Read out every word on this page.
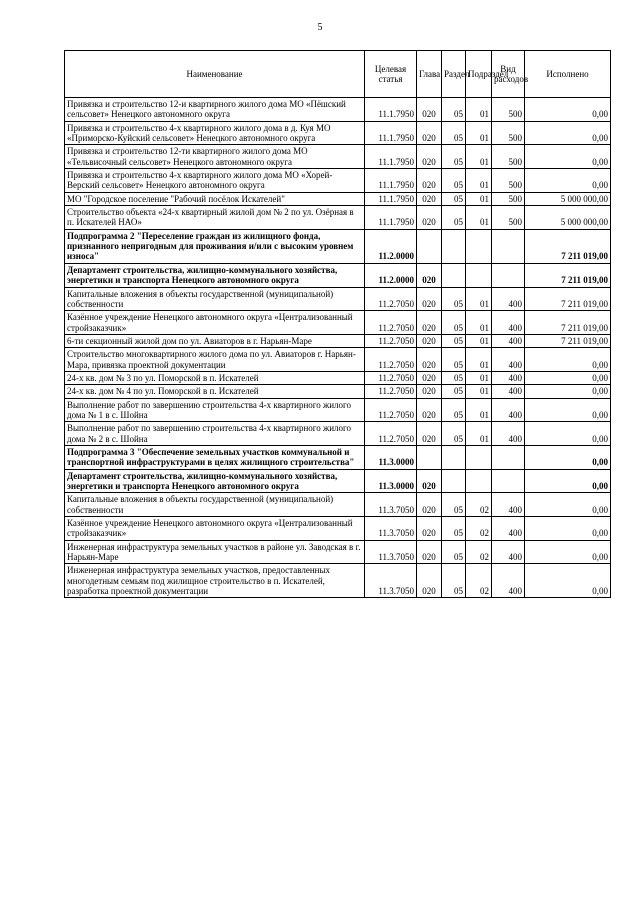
5
Наименование	Целевая статья	Глава	Раздел	Подраздел	Вид расходов	Исполнено
Привязка и строительство 12-и квартирного жилого дома МО «Пёшский сельсовет» Ненецкого автономного округа	11.1.7950	020	05	01	500	0,00
Привязка и строительство 4-х квартирного жилого дома в д. Куя МО «Приморско-Куйский сельсовет» Ненецкого автономного округа	11.1.7950	020	05	01	500	0,00
Привязка и строительство 12-ти квартирного жилого дома МО «Тельвисочный сельсовет» Ненецкого автономного округа	11.1.7950	020	05	01	500	0,00
Привязка и строительство 4-х квартирного жилого дома МО «Хорей-Верский сельсовет» Ненецкого автономного округа	11.1.7950	020	05	01	500	0,00
МО "Городское поселение "Рабочий посёлок Искателей"	11.1.7950	020	05	01	500	5 000 000,00
Строительство объекта «24-х квартирный жилой дом № 2 по ул. Озёрная в п. Искателей НАО»	11.1.7950	020	05	01	500	5 000 000,00
Подпрограмма 2 "Переселение граждан из жилищного фонда, признанного непригодным для проживания и/или с высоким уровнем износа"	11.2.0000					7 211 019,00
Департамент строительства, жилищно-коммунального хозяйства, энергетики и транспорта Ненецкого автономного округа	11.2.0000	020				7 211 019,00
Капитальные вложения в объекты государственной (муниципальной) собственности	11.2.7050	020	05	01	400	7 211 019,00
Казённое учреждение Ненецкого автономного округа «Централизованный стройзаказчик»	11.2.7050	020	05	01	400	7 211 019,00
6-ти секционный жилой дом по ул. Авиаторов в г. Нарьян-Маре	11.2.7050	020	05	01	400	7 211 019,00
Строительство многоквартирного жилого дома по ул. Авиаторов г. Нарьян-Мара, привязка проектной документации	11.2.7050	020	05	01	400	0,00
24-х кв. дом № 3 по ул. Поморской в п. Искателей	11.2.7050	020	05	01	400	0,00
24-х кв. дом № 4 по ул. Поморской в п. Искателей	11.2.7050	020	05	01	400	0,00
Выполнение работ по завершению строительства 4-х квартирного жилого дома № 1 в с. Шойна	11.2.7050	020	05	01	400	0,00
Выполнение работ по завершению строительства 4-х квартирного жилого дома № 2 в с. Шойна	11.2.7050	020	05	01	400	0,00
Подпрограмма 3 "Обеспечение земельных участков коммунальной и транспортной инфраструктурами в целях жилищного строительства"	11.3.0000					0,00
Департамент строительства, жилищно-коммунального хозяйства, энергетики и транспорта Ненецкого автономного округа	11.3.0000	020				0,00
Капитальные вложения в объекты государственной (муниципальной) собственности	11.3.7050	020	05	02	400	0,00
Казённое учреждение Ненецкого автономного округа «Централизованный стройзаказчик»	11.3.7050	020	05	02	400	0,00
Инженерная инфраструктура земельных участков в районе ул. Заводская в г. Нарьян-Маре	11.3.7050	020	05	02	400	0,00
Инженерная инфраструктура земельных участков, предоставленных многодетным семьям под жилищное строительство в п. Искателей, разработка проектной документации	11.3.7050	020	05	02	400	0,00
